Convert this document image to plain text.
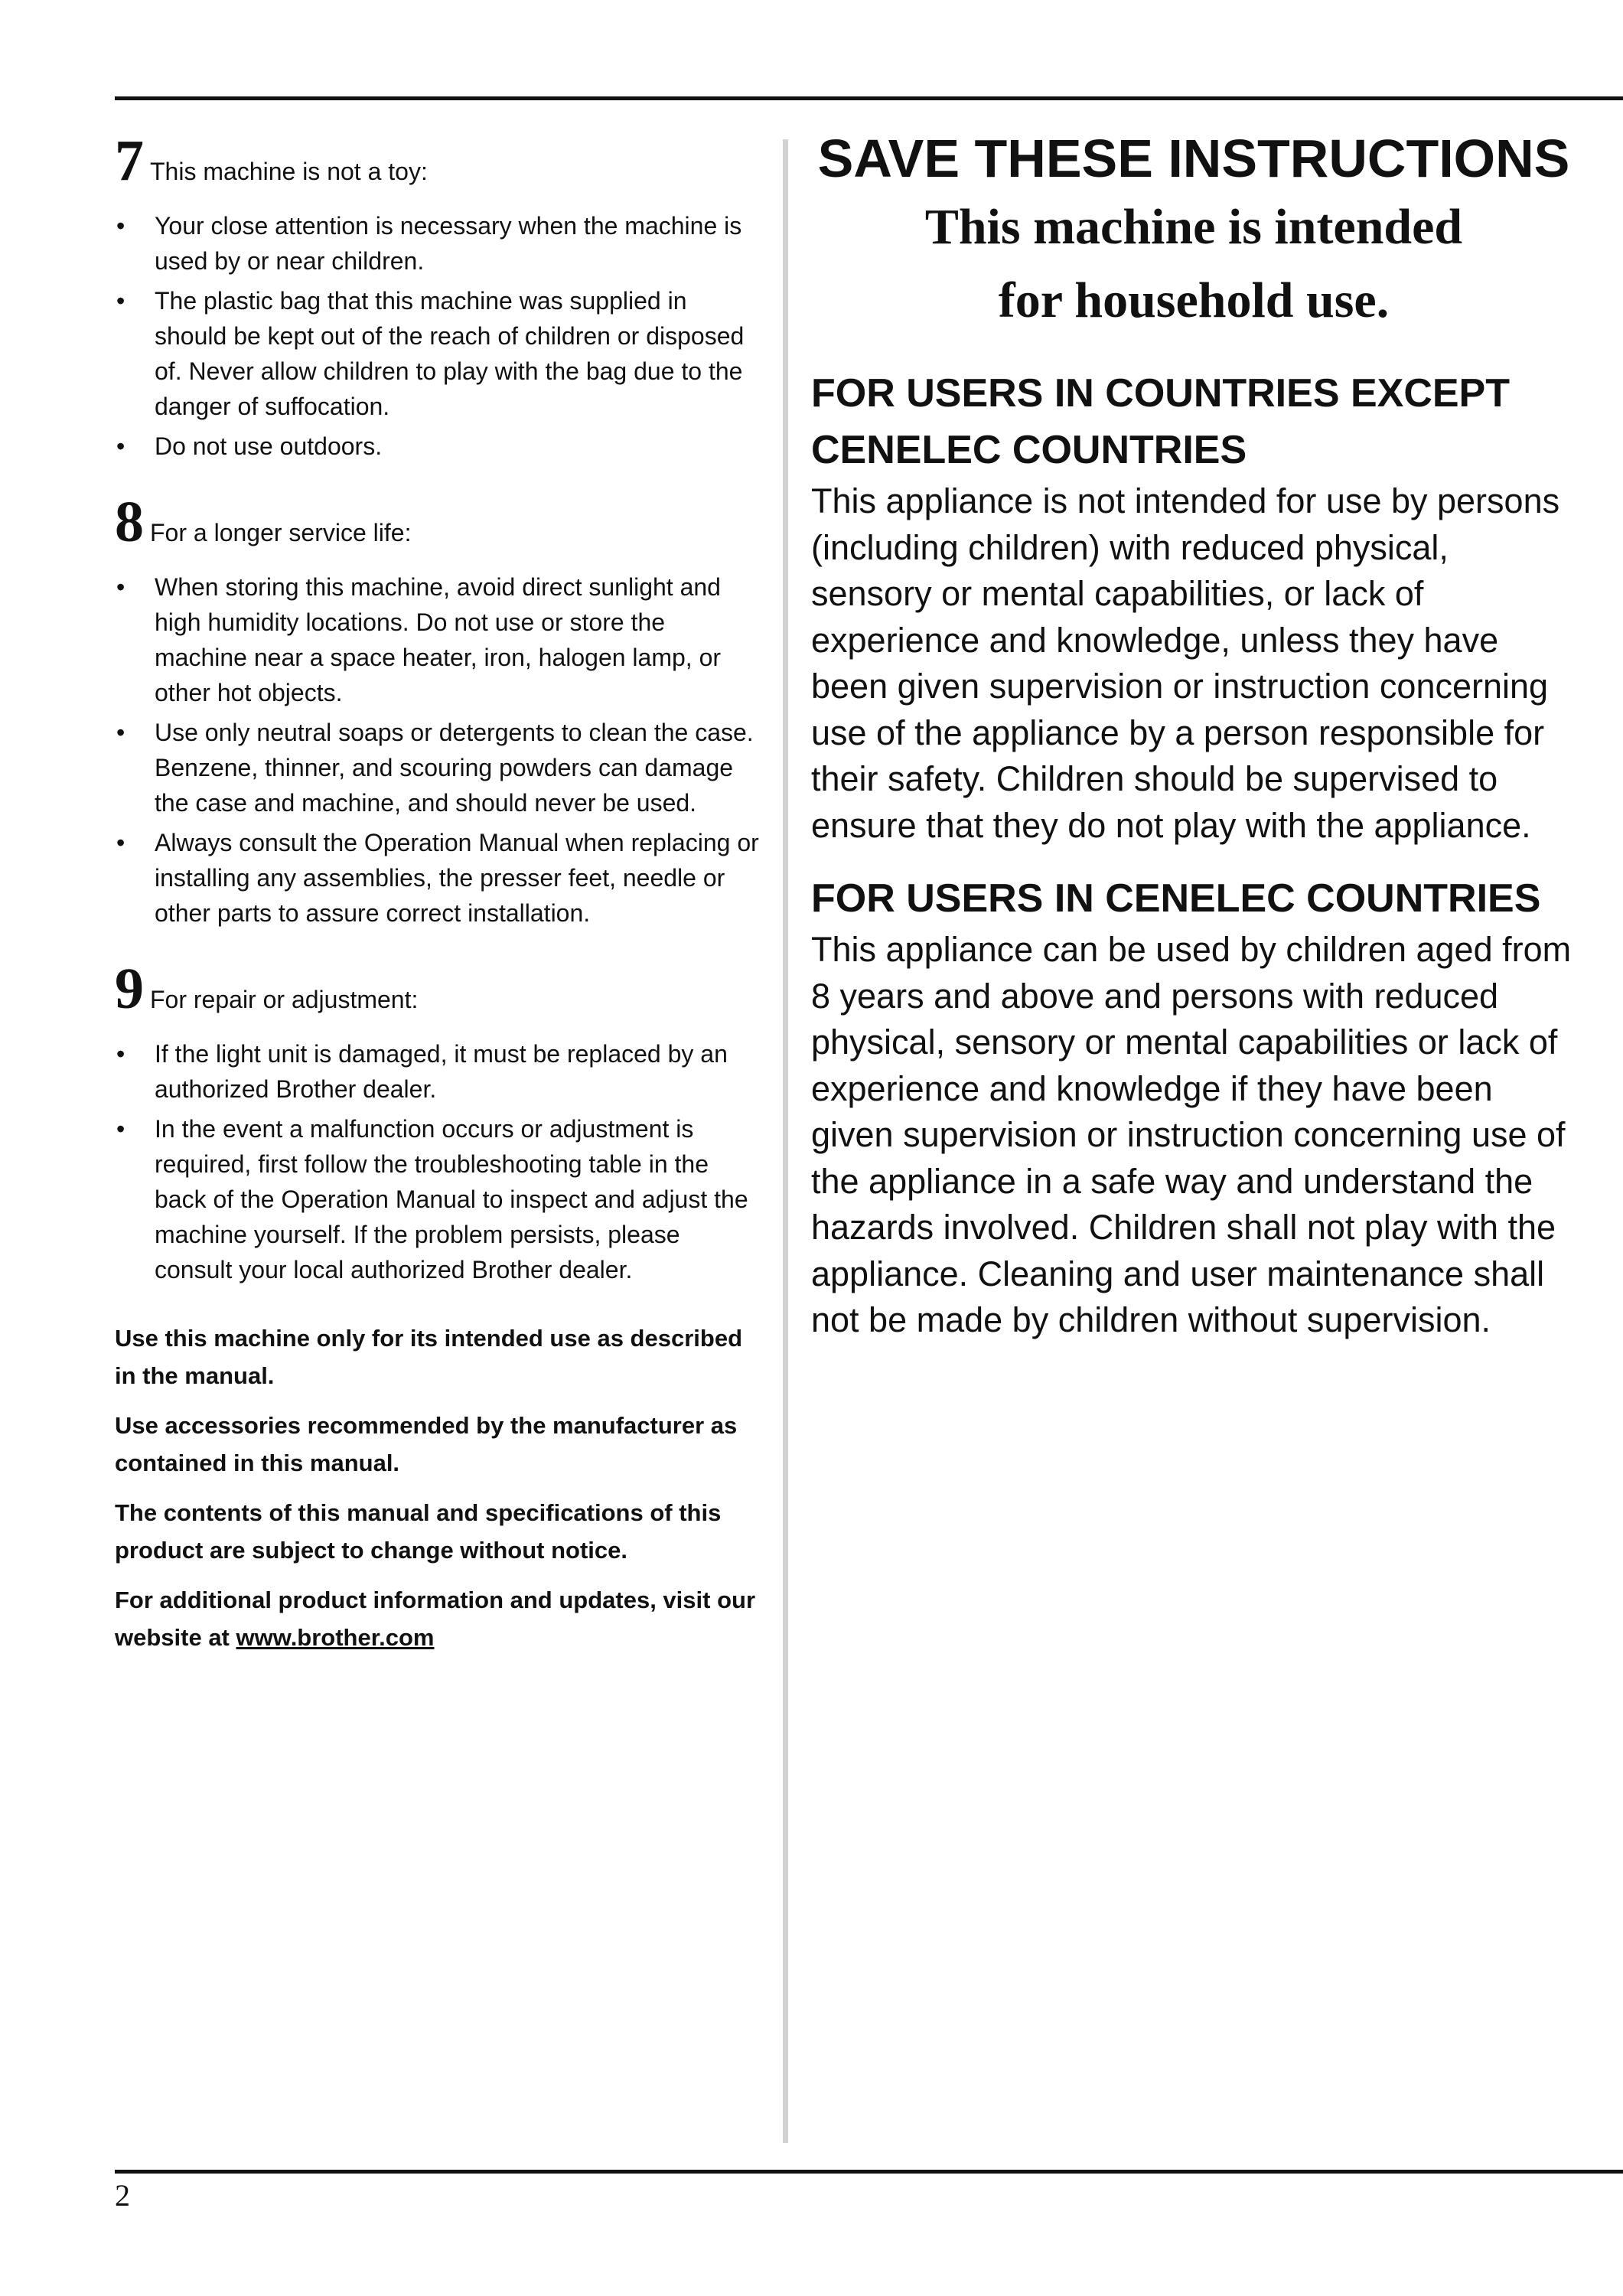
7 This machine is not a toy:
• Your close attention is necessary when the machine is used by or near children.
• The plastic bag that this machine was supplied in should be kept out of the reach of children or disposed of. Never allow children to play with the bag due to the danger of suffocation.
• Do not use outdoors.
8 For a longer service life:
• When storing this machine, avoid direct sunlight and high humidity locations. Do not use or store the machine near a space heater, iron, halogen lamp, or other hot objects.
• Use only neutral soaps or detergents to clean the case. Benzene, thinner, and scouring powders can damage the case and machine, and should never be used.
• Always consult the Operation Manual when replacing or installing any assemblies, the presser feet, needle or other parts to assure correct installation.
9 For repair or adjustment:
• If the light unit is damaged, it must be replaced by an authorized Brother dealer.
• In the event a malfunction occurs or adjustment is required, first follow the troubleshooting table in the back of the Operation Manual to inspect and adjust the machine yourself. If the problem persists, please consult your local authorized Brother dealer.

Use this machine only for its intended use as described in the manual.

Use accessories recommended by the manufacturer as contained in this manual.

The contents of this manual and specifications of this product are subject to change without notice.

For additional product information and updates, visit our website at www.brother.com

SAVE THESE INSTRUCTIONS

This machine is intended

for household use.

FOR USERS IN COUNTRIES EXCEPT CENELEC COUNTRIES

This appliance is not intended for use by persons (including children) with reduced physical, sensory or mental capabilities, or lack of experience and knowledge, unless they have been given supervision or instruction concerning use of the appliance by a person responsible for their safety. Children should be supervised to ensure that they do not play with the appliance.

FOR USERS IN CENELEC COUNTRIES

This appliance can be used by children aged from 8 years and above and persons with reduced physical, sensory or mental capabilities or lack of experience and knowledge if they have been given supervision or instruction concerning use of the appliance in a safe way and understand the hazards involved. Children shall not play with the appliance. Cleaning and user maintenance shall not be made by children without supervision.

2
